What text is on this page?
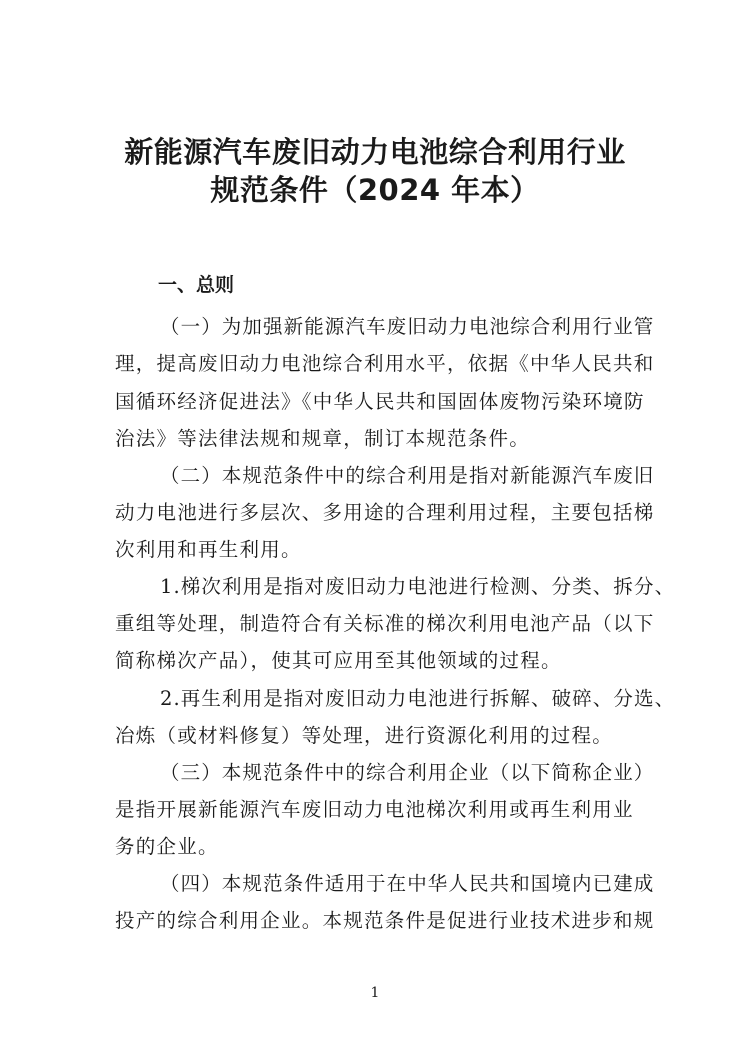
新能源汽车废旧动力电池综合利用行业
规范条件（2024 年本）
一、总则

（一）为加强新能源汽车废旧动力电池综合利用行业管

理，提高废旧动力电池综合利用水平，依据《中华人民共和

国循环经济促进法》《中华人民共和国固体废物污染环境防

治法》等法律法规和规章，制订本规范条件。

（二）本规范条件中的综合利用是指对新能源汽车废旧

动力电池进行多层次、多用途的合理利用过程，主要包括梯

次利用和再生利用。

1.梯次利用是指对废旧动力电池进行检测、分类、拆分、

重组等处理，制造符合有关标准的梯次利用电池产品（以下

简称梯次产品），使其可应用至其他领域的过程。

2.再生利用是指对废旧动力电池进行拆解、破碎、分选、

冶炼（或材料修复）等处理，进行资源化利用的过程。

（三）本规范条件中的综合利用企业（以下简称企业）

是指开展新能源汽车废旧动力电池梯次利用或再生利用业

务的企业。

（四）本规范条件适用于在中华人民共和国境内已建成

投产的综合利用企业。本规范条件是促进行业技术进步和规

1
